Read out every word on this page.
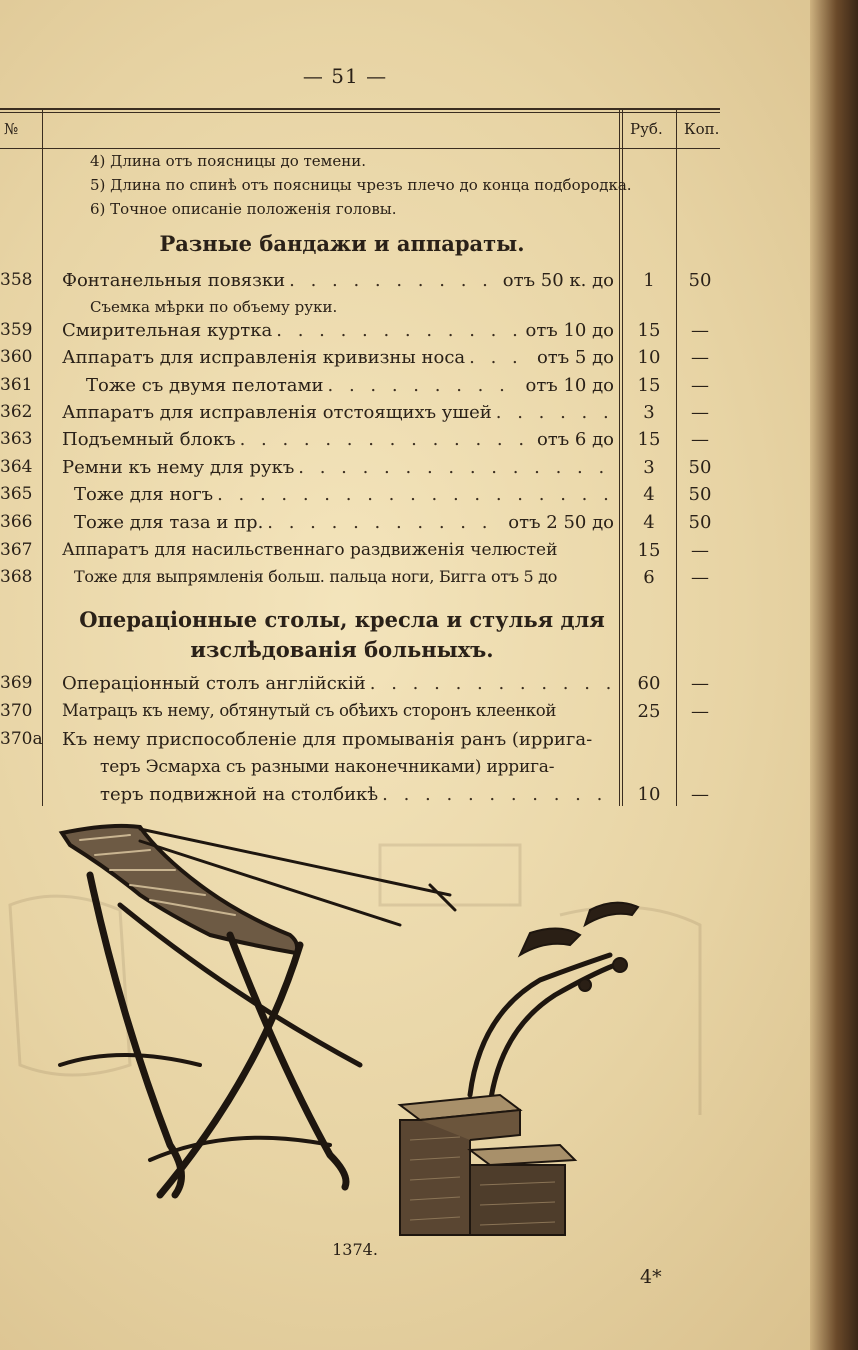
— 51 —
№	Руб. Коп.
4) Длина отъ поясницы до темени.
5) Длина по спинѣ отъ поясницы чрезъ плечо до конца подбородка.
6) Точное описаніе положенія головы.
Разные бандажи и аппараты.
358	Фонтанельныя повязки . . .	отъ 50 к. до	1	50
Съемка мѣрки по объему руки.
359	Смирительная куртка . . .	отъ 10 до	15	—
360	Аппаратъ для исправленія кривизны носа . . .	отъ 5 до	10	—
361	Тоже съ двумя пелотами . . .	отъ 10 до	15	—
362	Аппаратъ для исправленія отстоящихъ ушей . . .	3	—
363	Подъемный блокъ . . .	отъ 6 до	15	—
364	Ремни къ нему для рукъ . . .	3	50
365	Тоже для ногъ . . .	4	50
366	Тоже для таза и пр. . . .	отъ 2 50 до	4	50
367	Аппаратъ для насильственнаго раздвиженія челюстей	15	—
368	Тоже для выпрямленія больш. пальца ноги, Бигга отъ 5 до	6	—
Операціонные столы, кресла и стулья для
изслѣдованія больныхъ.
369	Операціонный столъ англійскій . . .	60	—
370	Матрацъ къ нему, обтянутый съ обѣихъ сторонъ клеенкой	25	—
370а Къ нему приспособленіе для промыванія ранъ (ирригa-
теръ Эсмарха съ разными наконечниками) ирригa-
теръ подвижной на столбикѣ . . .	10	—
1374.
4*
